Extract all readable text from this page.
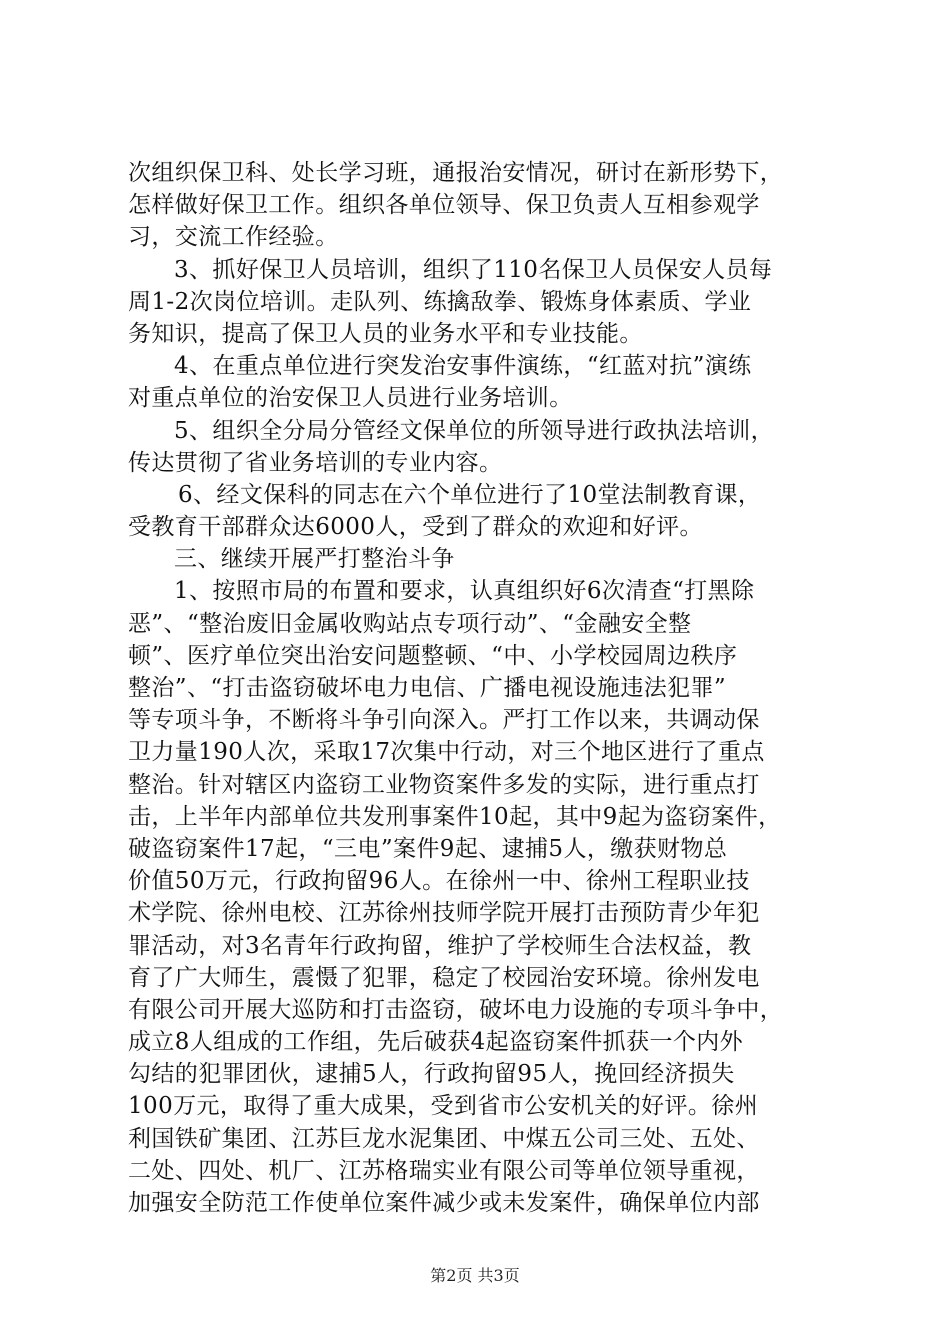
次组织保卫科、处长学习班，通报治安情况，研讨在新形势下，
怎样做好保卫工作。组织各单位领导、保卫负责人互相参观学
习，交流工作经验。
3、抓好保卫人员培训，组织了110名保卫人员保安人员每
周1-2次岗位培训。走队列、练擒敌拳、锻炼身体素质、学业
务知识，提高了保卫人员的业务水平和专业技能。
4、在重点单位进行突发治安事件演练，“红蓝对抗”演练
对重点单位的治安保卫人员进行业务培训。
5、组织全分局分管经文保单位的所领导进行政执法培训，
传达贯彻了省业务培训的专业内容。
6、经文保科的同志在六个单位进行了10堂法制教育课，
受教育干部群众达6000人，受到了群众的欢迎和好评。
三、继续开展严打整治斗争
1、按照市局的布置和要求，认真组织好6次清查“打黑除
恶”、“整治废旧金属收购站点专项行动”、“金融安全整
顿”、医疗单位突出治安问题整顿、“中、小学校园周边秩序
整治”、“打击盗窃破坏电力电信、广播电视设施违法犯罪”
等专项斗争，不断将斗争引向深入。严打工作以来，共调动保
卫力量190人次，采取17次集中行动，对三个地区进行了重点
整治。针对辖区内盗窃工业物资案件多发的实际，进行重点打
击，上半年内部单位共发刑事案件10起，其中9起为盗窃案件，
破盗窃案件17起，“三电”案件9起、逮捕5人，缴获财物总
价值50万元，行政拘留96人。在徐州一中、徐州工程职业技
术学院、徐州电校、江苏徐州技师学院开展打击预防青少年犯
罪活动，对3名青年行政拘留，维护了学校师生合法权益，教
育了广大师生，震慑了犯罪，稳定了校园治安环境。徐州发电
有限公司开展大巡防和打击盗窃，破坏电力设施的专项斗争中，
成立8人组成的工作组，先后破获4起盗窃案件抓获一个内外
勾结的犯罪团伙，逮捕5人，行政拘留95人，挽回经济损失
100万元，取得了重大成果，受到省市公安机关的好评。徐州
利国铁矿集团、江苏巨龙水泥集团、中煤五公司三处、五处、
二处、四处、机厂、江苏格瑞实业有限公司等单位领导重视，
加强安全防范工作使单位案件减少或未发案件，确保单位内部
第2页 共3页
